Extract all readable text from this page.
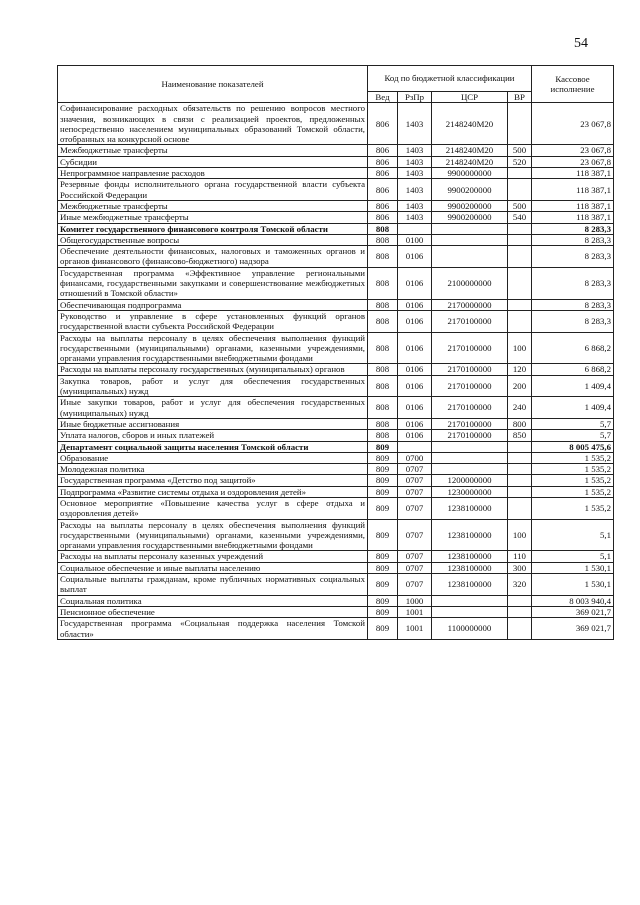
54
Наименование показателей	Код по бюджетной классификации				Кассовое исполнение
	Вед	РзПр	ЦСР	ВР	
Софинансирование расходных обязательств по решению вопросов местного значения, возникающих в связи с реализацией проектов, предложенных непосредственно населением муниципальных образований Томской области, отобранных на конкурсной основе	806	1403	2148240M20		23 067,8
Межбюджетные трансферты	806	1403	2148240M20	500	23 067,8
Субсидии	806	1403	2148240M20	520	23 067,8
Непрограммное направление расходов	806	1403	9900000000		118 387,1
Резервные фонды исполнительного органа государственной власти субъекта Российской Федерации	806	1403	9900200000		118 387,1
Межбюджетные трансферты	806	1403	9900200000	500	118 387,1
Иные межбюджетные трансферты	806	1403	9900200000	540	118 387,1
Комитет государственного финансового контроля Томской области	808				8 283,3
Общегосударственные вопросы	808	0100			8 283,3
Обеспечение деятельности финансовых, налоговых и таможенных органов и органов финансового (финансово-бюджетного) надзора	808	0106			8 283,3
Государственная программа «Эффективное управление региональными финансами, государственными закупками и совершенствование межбюджетных отношений в Томской области»	808	0106	2100000000		8 283,3
Обеспечивающая подпрограмма	808	0106	2170000000		8 283,3
Руководство и управление в сфере установленных функций органов государственной власти субъекта Российской Федерации	808	0106	2170100000		8 283,3
Расходы на выплаты персоналу в целях обеспечения выполнения функций государственными (муниципальными) органами, казенными учреждениями, органами управления государственными внебюджетными фондами	808	0106	2170100000	100	6 868,2
Расходы на выплаты персоналу государственных (муниципальных) органов	808	0106	2170100000	120	6 868,2
Закупка товаров, работ и услуг для обеспечения государственных (муниципальных) нужд	808	0106	2170100000	200	1 409,4
Иные закупки товаров, работ и услуг для обеспечения государственных (муниципальных) нужд	808	0106	2170100000	240	1 409,4
Иные бюджетные ассигнования	808	0106	2170100000	800	5,7
Уплата налогов, сборов и иных платежей	808	0106	2170100000	850	5,7
Департамент социальной защиты населения Томской области	809				8 005 475,6
Образование	809	0700			1 535,2
Молодежная политика	809	0707			1 535,2
Государственная программа «Детство под защитой»	809	0707	1200000000		1 535,2
Подпрограмма «Развитие системы отдыха и оздоровления детей»	809	0707	1230000000		1 535,2
Основное мероприятие «Повышение качества услуг в сфере отдыха и оздоровления детей»	809	0707	1238100000		1 535,2
Расходы на выплаты персоналу в целях обеспечения выполнения функций государственными (муниципальными) органами, казенными учреждениями, органами управления государственными внебюджетными фондами	809	0707	1238100000	100	5,1
Расходы на выплаты персоналу казенных учреждений	809	0707	1238100000	110	5,1
Социальное обеспечение и иные выплаты населению	809	0707	1238100000	300	1 530,1
Социальные выплаты гражданам, кроме публичных нормативных социальных выплат	809	0707	1238100000	320	1 530,1
Социальная политика	809	1000			8 003 940,4
Пенсионное обеспечение	809	1001			369 021,7
Государственная программа «Социальная поддержка населения Томской области»	809	1001	1100000000		369 021,7
